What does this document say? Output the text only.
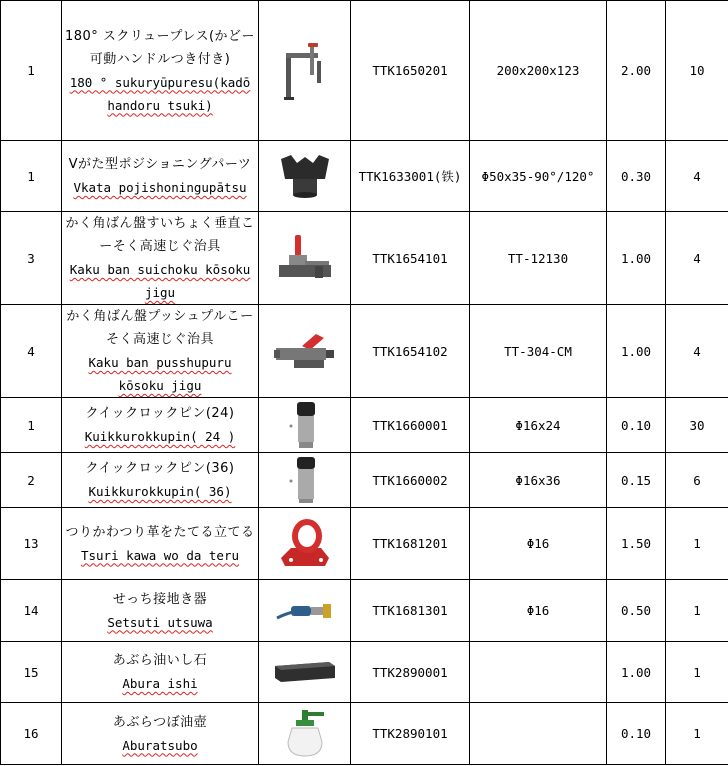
1	180° スクリュープレス(かどー可動ハンドルつき付き)
180 ° sukuryūpuresu(kadō
handoru tsuki)		TTK1650201	200x200x123	2.00	10
1	Vがた型ポジショニングパーツ
Vkata pojishoningupātsu		TTK1633001(铁)	Φ50x35-90°/120°	0.30	4
3	かく角ばん盤すいちょく垂直こーそく高速じぐ治具
Kaku ban suichoku kōsoku
jigu		TTK1654101	TT-12130	1.00	4
4	かく角ばん盤プッシュプルこーそく高速じぐ治具
Kaku ban pusshupuru
kōsoku jigu		TTK1654102	TT-304-CM	1.00	4
1	クイックロックピン(24)
Kuikkurokkupin( 24 )		TTK1660001	Φ16x24	0.10	30
2	クイックロックピン(36)
Kuikkurokkupin( 36)		TTK1660002	Φ16x36	0.15	6
13	つりかわつり革をたてる立てる
Tsuri kawa wo da teru		TTK1681201	Φ16	1.50	1
14	せっち接地き器
Setsuti utsuwa		TTK1681301	Φ16	0.50	1
15	あぶら油いし石
Abura ishi		TTK2890001		1.00	1
16	あぶらつぼ油壺
Aburatsubo		TTK2890101		0.10	1
